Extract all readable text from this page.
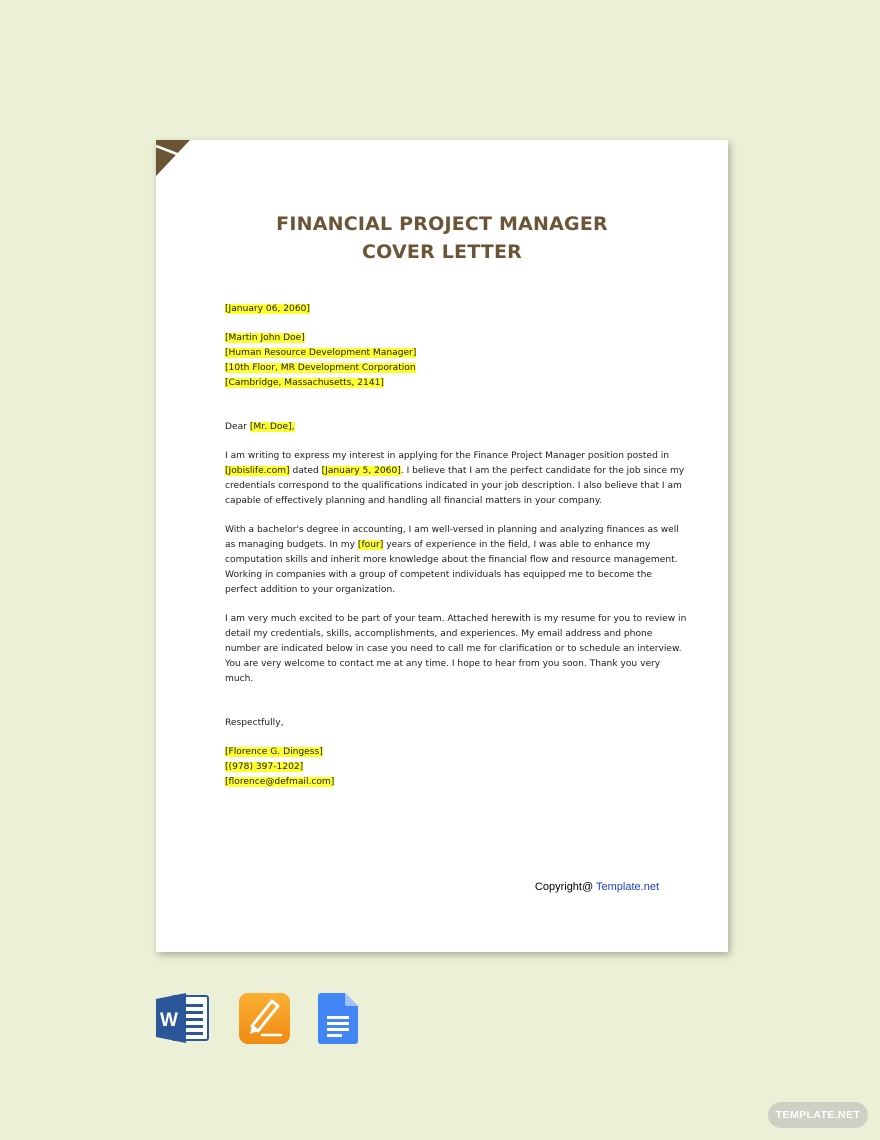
FINANCIAL PROJECT MANAGER
COVER LETTER
[January 06, 2060]
[Martin John Doe]
[Human Resource Development Manager]
[10th Floor, MR Development Corporation
[Cambridge, Massachusetts, 2141]
Dear [Mr. Doe],

I am writing to express my interest in applying for the Finance Project Manager position posted in
[Jobislife.com] dated [January 5, 2060]. I believe that I am the perfect candidate for the job since my
credentials correspond to the qualifications indicated in your job description. I also believe that I am
capable of effectively planning and handling all financial matters in your company.

With a bachelor's degree in accounting, I am well-versed in planning and analyzing finances as well
as managing budgets. In my [four] years of experience in the field, I was able to enhance my
computation skills and inherit more knowledge about the financial flow and resource management.
Working in companies with a group of competent individuals has equipped me to become the
perfect addition to your organization.

I am very much excited to be part of your team. Attached herewith is my resume for you to review in
detail my credentials, skills, accomplishments, and experiences. My email address and phone
number are indicated below in case you need to call me for clarification or to schedule an interview.
You are very welcome to contact me at any time. I hope to hear from you soon. Thank you very
much.

Respectfully,
[Florence G. Dingess]
[(978) 397-1202]
[florence@defmail.com]
Copyright@ Template.net
W
TEMPLATE.NET
